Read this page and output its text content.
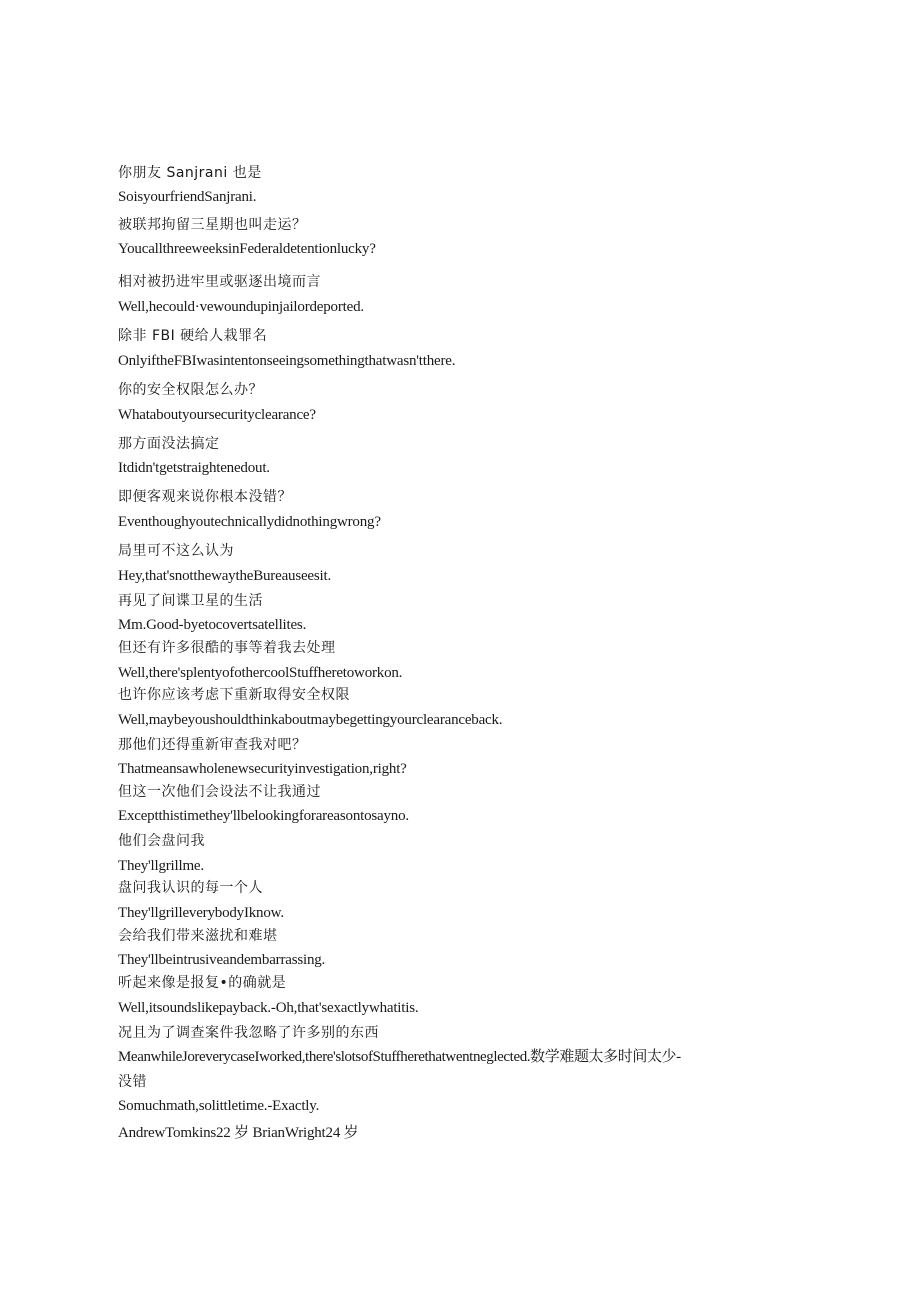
你朋友 Sanjrani 也是

SoisyourfriendSanjrani.

被联邦拘留三星期也叫走运？

YoucallthreeweeksinFederaldetentionlucky?

相对被扔进牢里或驱逐出境而言

Well,hecould·vewoundupinjailordeported.

除非 FBI 硬给人栽罪名

OnlyiftheFBIwasintentonseeingsomethingthatwasn'tthere.

你的安全权限怎么办？

Whataboutyoursecurityclearance?

那方面没法搞定

Itdidn'tgetstraightenedout.

即便客观来说你根本没错？

Eventhoughyoutechnicallydidnothingwrong?

局里可不这么认为

Hey,that'snotthewaytheBureauseesit.

再见了间谍卫星的生活

Mm.Good-byetocovertsatellites.

但还有许多很酷的事等着我去处理

Well,there'splentyofothercoolStuffheretoworkon.

也许你应该考虑下重新取得安全权限

Well,maybeyoushouldthinkaboutmaybegettingyourclearanceback.

那他们还得重新审查我对吧？

Thatmeansawholenewsecurityinvestigation,right?

但这一次他们会设法不让我通过

Exceptthistimethey'llbelookingforareasontosayno.

他们会盘问我

They'llgrillme.

盘问我认识的每一个人

They'llgrilleverybodyIknow.

会给我们带来滋扰和难堪

They'llbeintrusiveandembarrassing.

听起来像是报复•的确就是

Well,itsoundslikepayback.-Oh,that'sexactlywhatitis.

况且为了调查案件我忽略了许多别的东西

MeanwhileJoreverycaseIworked,there'slotsofStuffherethatwentneglected.数学难题太多时间太少-

没错

Somuchmath,solittletime.-Exactly.

AndrewTomkins22 岁 BrianWright24 岁
